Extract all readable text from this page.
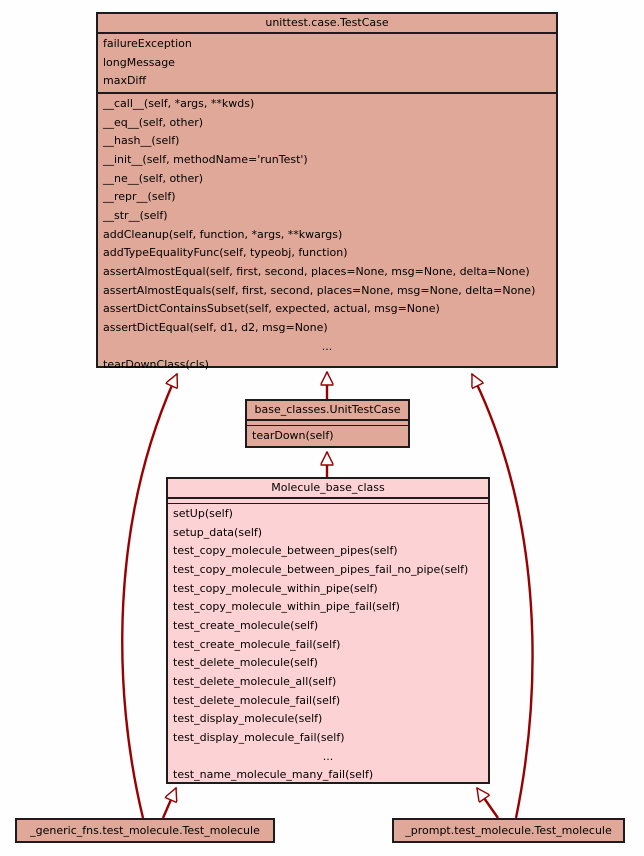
unittest.case.TestCase
failureException
longMessage
maxDiff
__call__(self, *args, **kwds)
__eq__(self, other)
__hash__(self)
__init__(self, methodName='runTest')
__ne__(self, other)
__repr__(self)
__str__(self)
addCleanup(self, function, *args, **kwargs)
addTypeEqualityFunc(self, typeobj, function)
assertAlmostEqual(self, first, second, places=None, msg=None, delta=None)
assertAlmostEquals(self, first, second, places=None, msg=None, delta=None)
assertDictContainsSubset(self, expected, actual, msg=None)
assertDictEqual(self, d1, d2, msg=None)
...
tearDownClass(cls)
base_classes.UnitTestCase
tearDown(self)
Molecule_base_class
setUp(self)
setup_data(self)
test_copy_molecule_between_pipes(self)
test_copy_molecule_between_pipes_fail_no_pipe(self)
test_copy_molecule_within_pipe(self)
test_copy_molecule_within_pipe_fail(self)
test_create_molecule(self)
test_create_molecule_fail(self)
test_delete_molecule(self)
test_delete_molecule_all(self)
test_delete_molecule_fail(self)
test_display_molecule(self)
test_display_molecule_fail(self)
...
test_name_molecule_many_fail(self)
_generic_fns.test_molecule.Test_molecule	_prompt.test_molecule.Test_molecule
